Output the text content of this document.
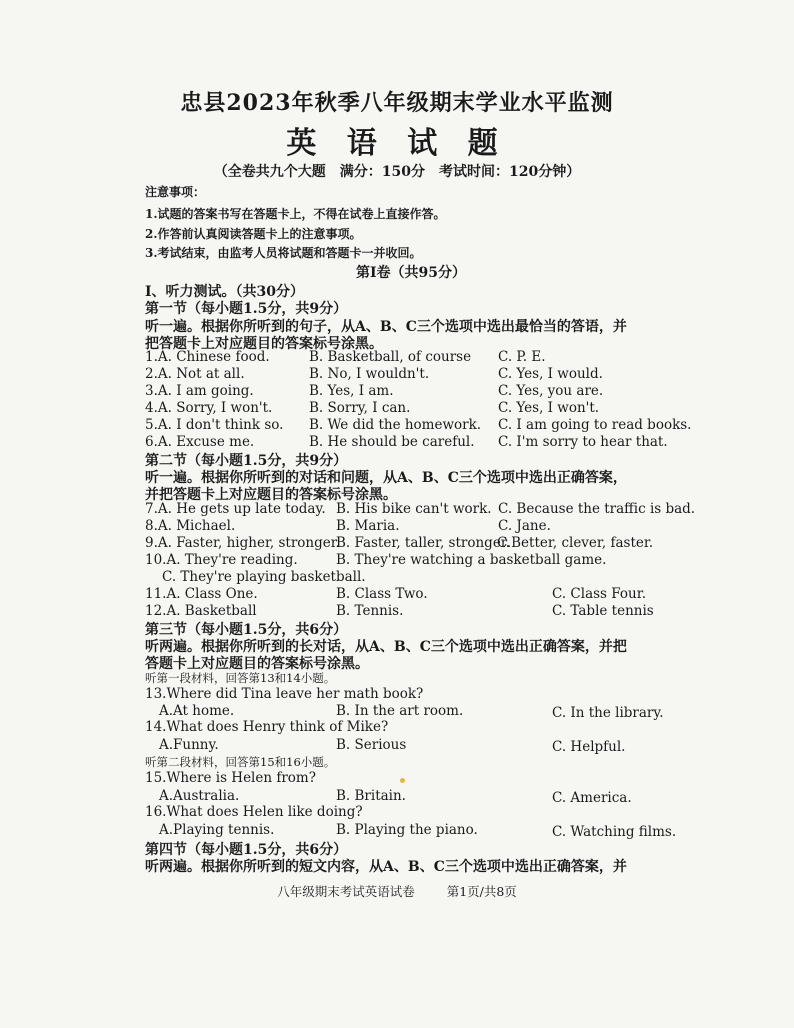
忠县2023年秋季八年级期末学业水平监测
英 语 试 题
（全卷共九个大题　满分：150分　考试时间：120分钟）
注意事项：
1.试题的答案书写在答题卡上，不得在试卷上直接作答。
2.作答前认真阅读答题卡上的注意事项。
3.考试结束，由监考人员将试题和答题卡一并收回。
第I卷（共95分）
I、听力测试。（共30分）
第一节（每小题1.5分，共9分）
听一遍。根据你所听到的句子，从A、B、C三个选项中选出最恰当的答语，并
把答题卡上对应题目的答案标号涂黑。
1.A. Chinese food.	B. Basketball, of course C. P. E.
2.A. Not at all.	B. No, I wouldn't.	C. Yes, I would.
3.A. I am going.	B. Yes, I am.	C. Yes, you are.
4.A. Sorry, I won't.	B. Sorry, I can.	C. Yes, I won't.
5.A. I don't think so. B. We did the homework. C. I am going to read books.
6.A. Excuse me.	B. He should be careful. C. I'm sorry to hear that.
第二节（每小题1.5分，共9分）
听一遍。根据你所听到的对话和问题，从A、B、C三个选项中选出正确答案，
并把答题卡上对应题目的答案标号涂黑。
7.A. He gets up late today. B. His bike can't work. C. Because the traffic is bad.
8.A. Michael.	B. Maria.	C. Jane.
9.A. Faster, higher, stronger.
B. Faster, taller, stronger.
C.Better, clever, faster.
10.A. They're reading.	B. They're watching a basketball game.
C. They're playing basketball.
11.A. Class One.	B. Class Two.	C. Class Four.
12.A. Basketball	B. Tennis.	C. Table tennis
第三节（每小题1.5分，共6分）
听两遍。根据你所听到的长对话，从A、B、C三个选项中选出正确答案，并把
答题卡上对应题目的答案标号涂黑。
听第一段材料，回答第13和14小题。
13.Where did Tina leave her math book?
A.At home.	B. In the art room.	C. In the library.
14.What does Henry think of Mike?
A.Funny.	B. Serious	C. Helpful.
听第二段材料，回答第15和16小题。
15.Where is Helen from?
A.Australia.	B. Britain.	C. America.
16.What does Helen like doing?
A.Playing tennis.	B. Playing the piano.	C. Watching films.
第四节（每小题1.5分，共6分）
听两遍。根据你所听到的短文内容，从A、B、C三个选项中选出正确答案，并
八年级期末考试英语试卷	第1页/共8页
